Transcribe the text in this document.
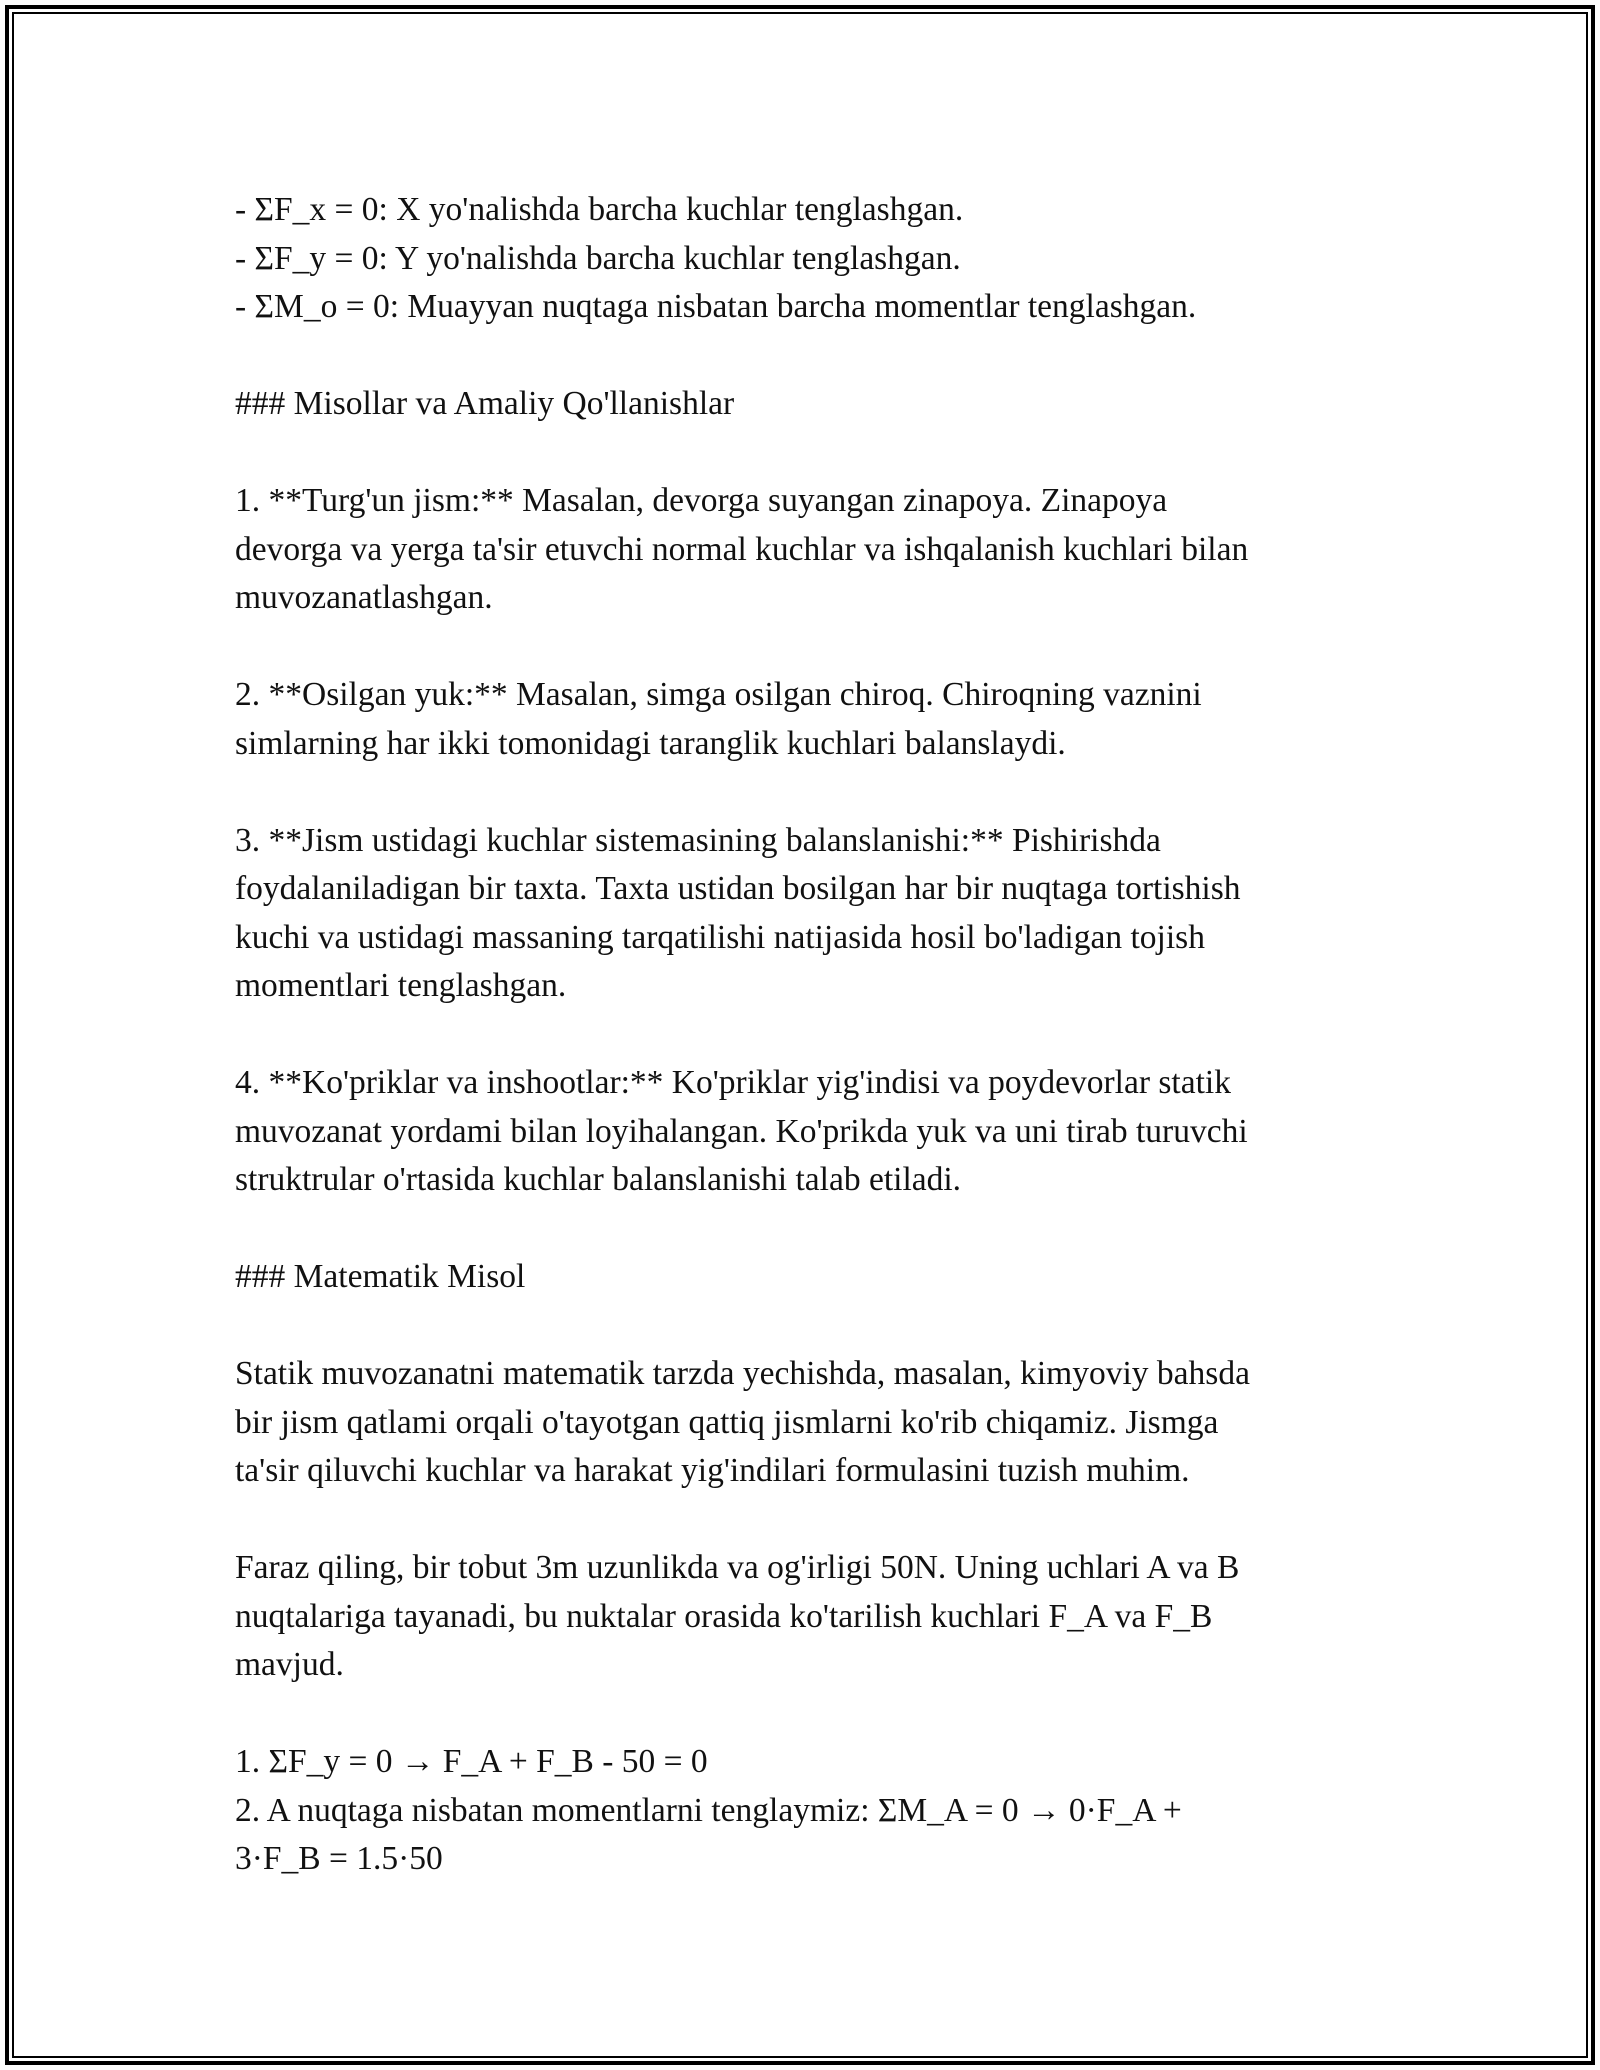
- ΣF_x = 0: X yo'nalishda barcha kuchlar tenglashgan.
- ΣF_y = 0: Y yo'nalishda barcha kuchlar tenglashgan.
- ΣM_o = 0: Muayyan nuqtaga nisbatan barcha momentlar tenglashgan.
### Misollar va Amaliy Qo'llanishlar
1. **Turg'un jism:** Masalan, devorga suyangan zinapoya. Zinapoya
devorga va yerga ta'sir etuvchi normal kuchlar va ishqalanish kuchlari bilan
muvozanatlashgan.
2. **Osilgan yuk:** Masalan, simga osilgan chiroq. Chiroqning vaznini
simlarning har ikki tomonidagi taranglik kuchlari balanslaydi.
3. **Jism ustidagi kuchlar sistemasining balanslanishi:** Pishirishda
foydalaniladigan bir taxta. Taxta ustidan bosilgan har bir nuqtaga tortishish
kuchi va ustidagi massaning tarqatilishi natijasida hosil bo'ladigan tojish
momentlari tenglashgan.
4. **Ko'priklar va inshootlar:** Ko'priklar yig'indisi va poydevorlar statik
muvozanat yordami bilan loyihalangan. Ko'prikda yuk va uni tirab turuvchi
struktrular o'rtasida kuchlar balanslanishi talab etiladi.
### Matematik Misol
Statik muvozanatni matematik tarzda yechishda, masalan, kimyoviy bahsda
bir jism qatlami orqali o'tayotgan qattiq jismlarni ko'rib chiqamiz. Jismga
ta'sir qiluvchi kuchlar va harakat yig'indilari formulasini tuzish muhim.
Faraz qiling, bir tobut 3m uzunlikda va og'irligi 50N. Uning uchlari A va B
nuqtalariga tayanadi, bu nuktalar orasida ko'tarilish kuchlari F_A va F_B
mavjud.
1. ΣF_y = 0 → F_A + F_B - 50 = 0
2. A nuqtaga nisbatan momentlarni tenglaymiz: ΣM_A = 0 → 0·F_A +
3·F_B = 1.5·50
